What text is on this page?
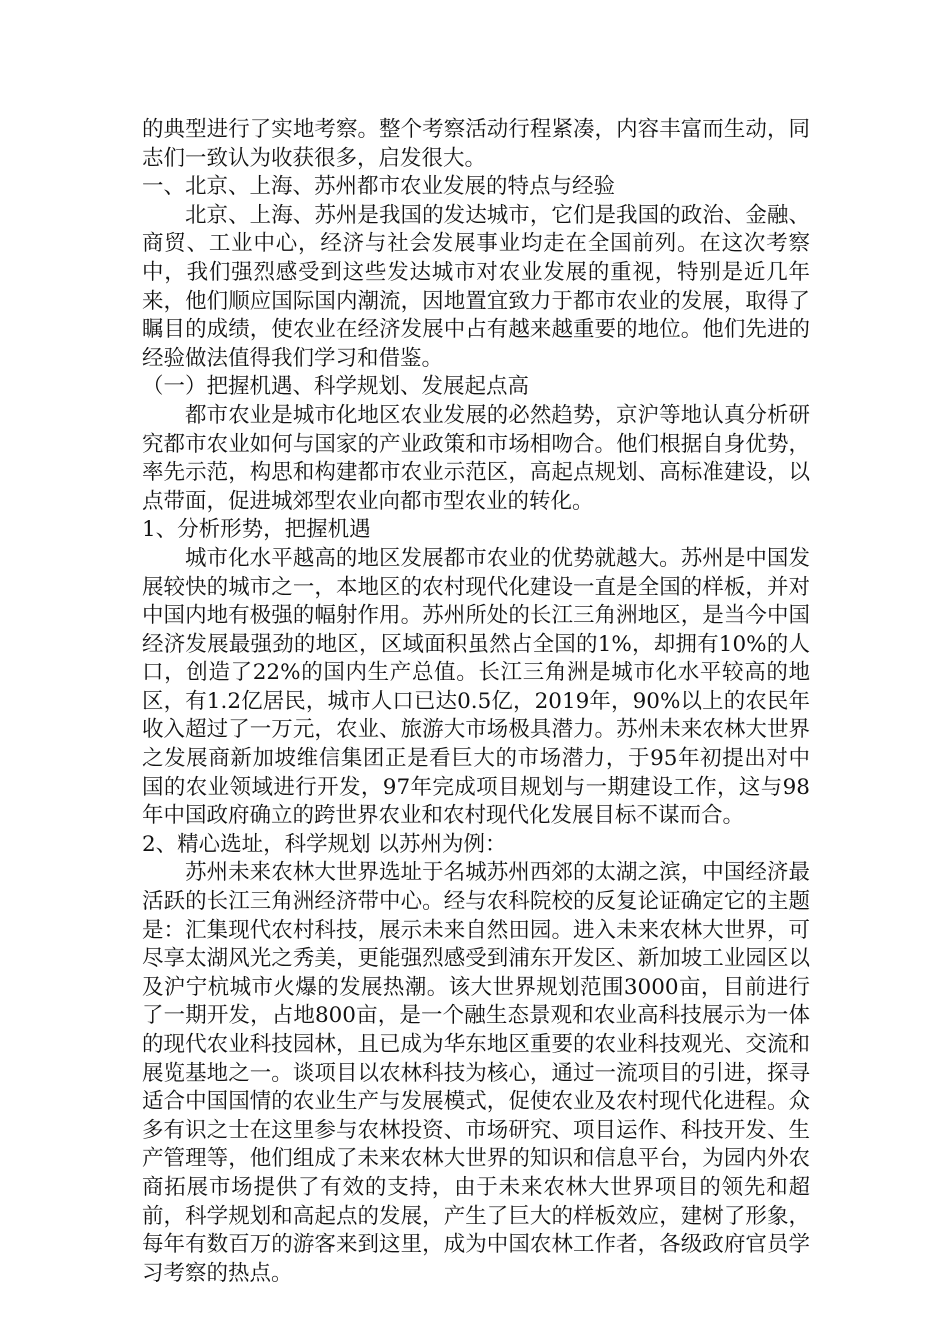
的典型进行了实地考察。整个考察活动行程紧凑，内容丰富而生动，同志们一致认为收获很多，启发很大。

一、北京、上海、苏州都市农业发展的特点与经验

北京、上海、苏州是我国的发达城市，它们是我国的政治、金融、商贸、工业中心，经济与社会发展事业均走在全国前列。在这次考察中，我们强烈感受到这些发达城市对农业发展的重视，特别是近几年来，他们顺应国际国内潮流，因地置宜致力于都市农业的发展，取得了瞩目的成绩，使农业在经济发展中占有越来越重要的地位。他们先进的经验做法值得我们学习和借鉴。

（一）把握机遇、科学规划、发展起点高

都市农业是城市化地区农业发展的必然趋势，京沪等地认真分析研究都市农业如何与国家的产业政策和市场相吻合。他们根据自身优势，率先示范，构思和构建都市农业示范区，高起点规划、高标准建设，以点带面，促进城郊型农业向都市型农业的转化。

1、分析形势，把握机遇

城市化水平越高的地区发展都市农业的优势就越大。苏州是中国发展较快的城市之一，本地区的农村现代化建设一直是全国的样板，并对中国内地有极强的幅射作用。苏州所处的长江三角洲地区，是当今中国经济发展最强劲的地区，区域面积虽然占全国的1%，却拥有10%的人口，创造了22%的国内生产总值。长江三角洲是城市化水平较高的地区，有1.2亿居民，城市人口已达0.5亿，2019年，90%以上的农民年收入超过了一万元，农业、旅游大市场极具潜力。苏州未来农林大世界之发展商新加坡维信集团正是看巨大的市场潜力，于95年初提出对中国的农业领域进行开发，97年完成项目规划与一期建设工作，这与98年中国政府确立的跨世界农业和农村现代化发展目标不谋而合。

2、精心选址，科学规划 以苏州为例：

苏州未来农林大世界选址于名城苏州西郊的太湖之滨，中国经济最活跃的长江三角洲经济带中心。经与农科院校的反复论证确定它的主题是：汇集现代农村科技，展示未来自然田园。进入未来农林大世界，可尽享太湖风光之秀美，更能强烈感受到浦东开发区、新加坡工业园区以及沪宁杭城市火爆的发展热潮。该大世界规划范围3000亩，目前进行了一期开发，占地800亩，是一个融生态景观和农业高科技展示为一体的现代农业科技园林，且已成为华东地区重要的农业科技观光、交流和展览基地之一。谈项目以农林科技为核心，通过一流项目的引进，探寻适合中国国情的农业生产与发展模式，促使农业及农村现代化进程。众多有识之士在这里参与农林投资、市场研究、项目运作、科技开发、生产管理等，他们组成了未来农林大世界的知识和信息平台，为园内外农商拓展市场提供了有效的支持，由于未来农林大世界项目的领先和超前，科学规划和高起点的发展，产生了巨大的样板效应，建树了形象，每年有数百万的游客来到这里，成为中国农林工作者，各级政府官员学习考察的热点。
